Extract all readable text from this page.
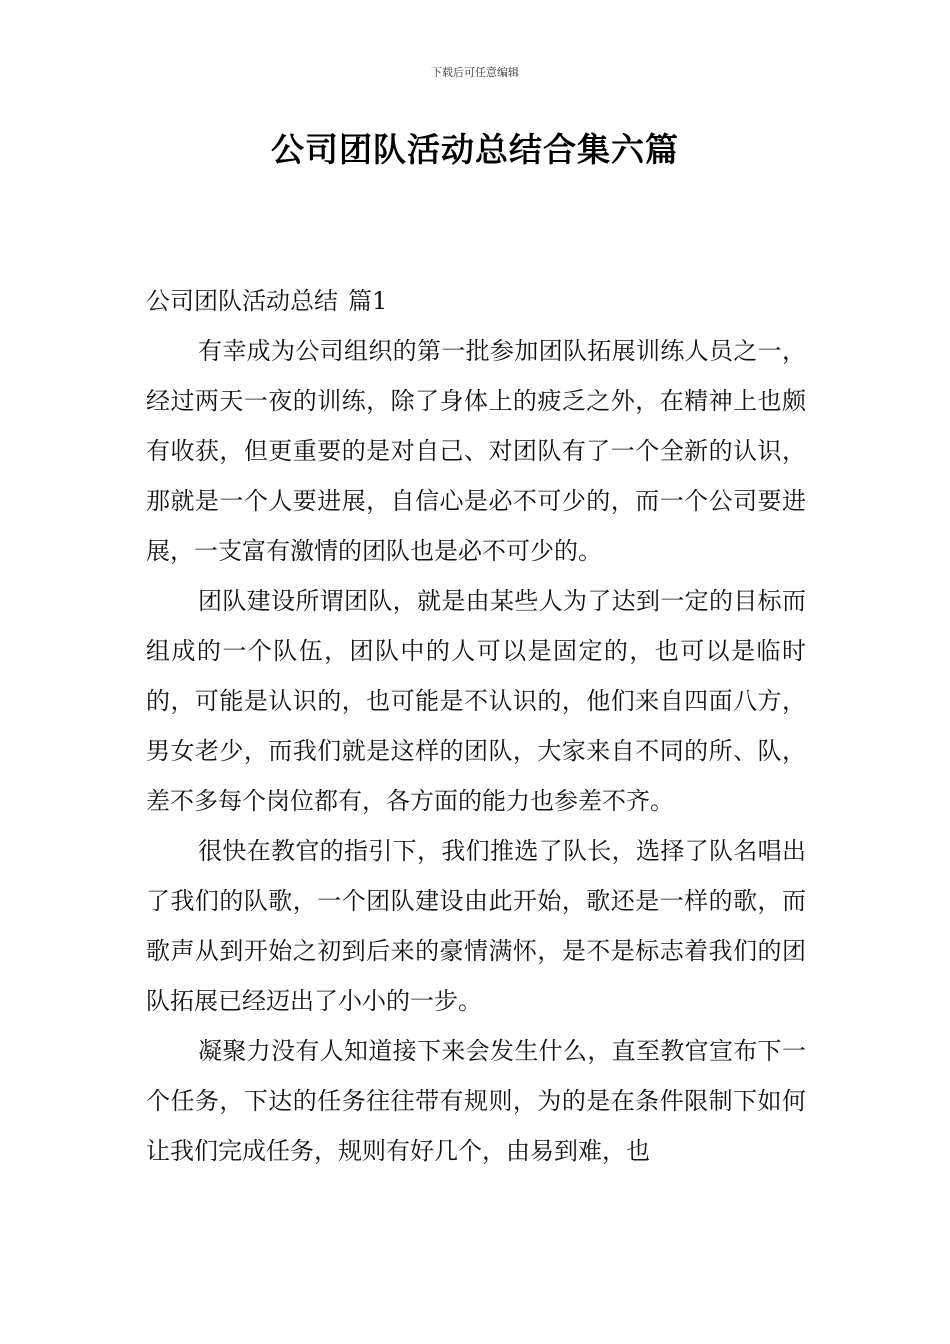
下载后可任意编辑
公司团队活动总结合集六篇

公司团队活动总结 篇1

有幸成为公司组织的第一批参加团队拓展训练人员之一，经过两天一夜的训练，除了身体上的疲乏之外，在精神上也颇有收获，但更重要的是对自己、对团队有了一个全新的认识，那就是一个人要进展，自信心是必不可少的，而一个公司要进展，一支富有激情的团队也是必不可少的。

团队建设所谓团队，就是由某些人为了达到一定的目标而组成的一个队伍，团队中的人可以是固定的，也可以是临时的，可能是认识的，也可能是不认识的，他们来自四面八方，男女老少，而我们就是这样的团队，大家来自不同的所、队，差不多每个岗位都有，各方面的能力也参差不齐。

很快在教官的指引下，我们推选了队长，选择了队名唱出了我们的队歌，一个团队建设由此开始，歌还是一样的歌，而歌声从到开始之初到后来的豪情满怀，是不是标志着我们的团队拓展已经迈出了小小的一步。

凝聚力没有人知道接下来会发生什么，直至教官宣布下一个任务，下达的任务往往带有规则，为的是在条件限制下如何让我们完成任务，规则有好几个，由易到难，也
